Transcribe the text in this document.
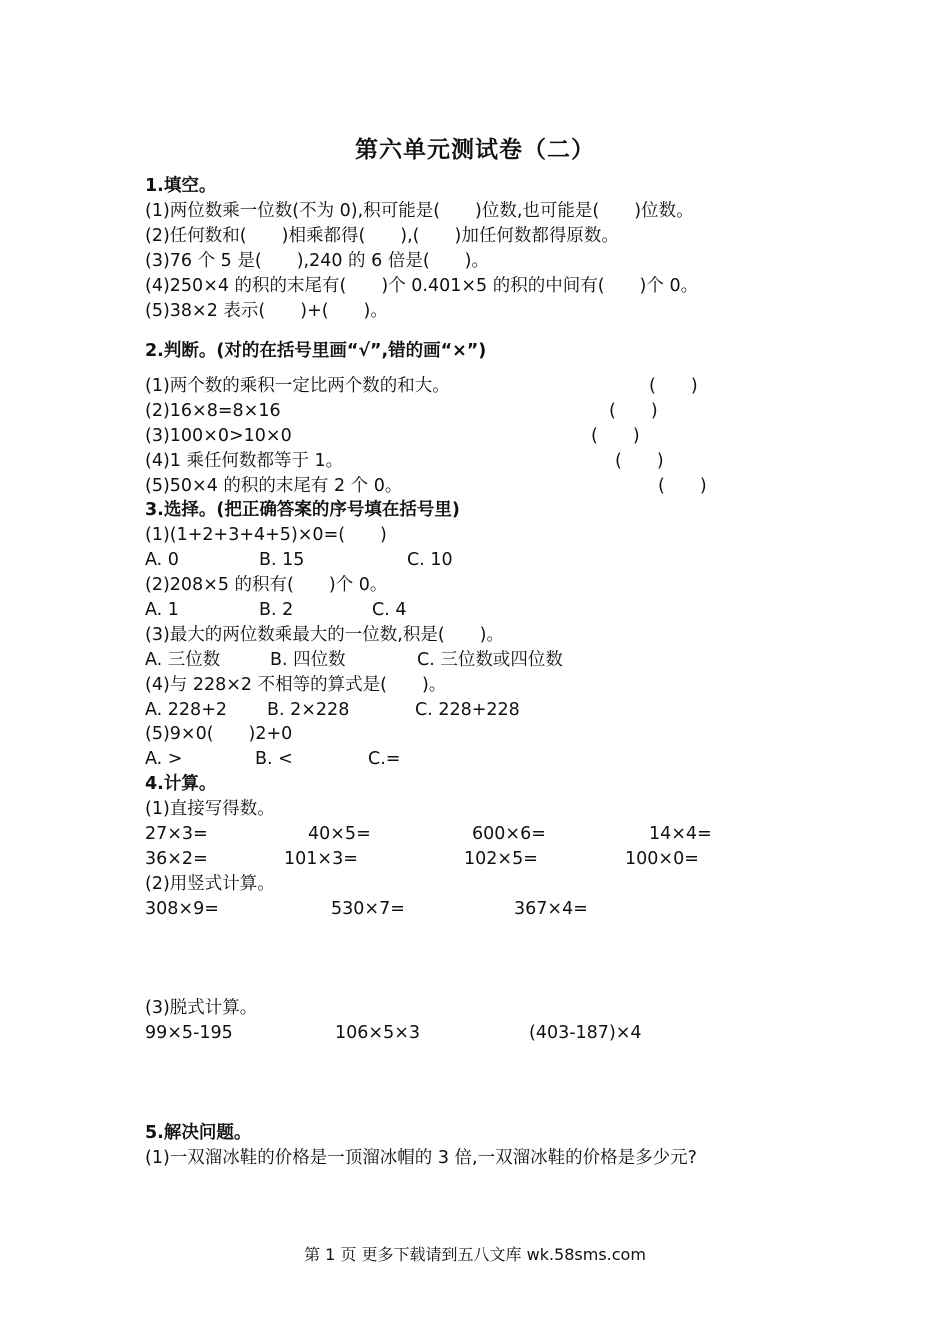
第六单元测试卷（二）
1.填空。
(1)两位数乘一位数(不为 0),积可能是(　　)位数,也可能是(　　)位数。
(2)任何数和(　　)相乘都得(　　),(　　)加任何数都得原数。
(3)76 个 5 是(　　),240 的 6 倍是(　　)。
(4)250×4 的积的末尾有(　　)个 0.401×5 的积的中间有(　　)个 0。
(5)38×2 表示(　　)+(　　)。
2.判断。(对的在括号里画“√”,错的画“×”)
(1)两个数的乘积一定比两个数的和大。	(　　)
(2)16×8=8×16	(　　)
(3)100×0>10×0	(　　)
(4)1 乘任何数都等于 1。	(　　)
(5)50×4 的积的末尾有 2 个 0。	(　　)
3.选择。(把正确答案的序号填在括号里)
(1)(1+2+3+4+5)×0=(　　)
A. 0	B. 15	C. 10
(2)208×5 的积有(　　)个 0。
A. 1	B. 2	C. 4
(3)最大的两位数乘最大的一位数,积是(　　)。
A. 三位数	B. 四位数	C. 三位数或四位数
(4)与 228×2 不相等的算式是(　　)。
A. 228+2 B. 2×228	C. 228+228
(5)9×0(　　)2+0
A. >	B. <	C.=
4.计算。
(1)直接写得数。
27×3=	40×5=	600×6=	14×4=
36×2=	101×3=	102×5=	100×0=
(2)用竖式计算。
308×9=	530×7=	367×4=
(3)脱式计算。
99×5-195	106×5×3	(403-187)×4
5.解决问题。
(1)一双溜冰鞋的价格是一顶溜冰帽的 3 倍,一双溜冰鞋的价格是多少元?
第 1 页 更多下载请到五八文库 wk.58sms.com
